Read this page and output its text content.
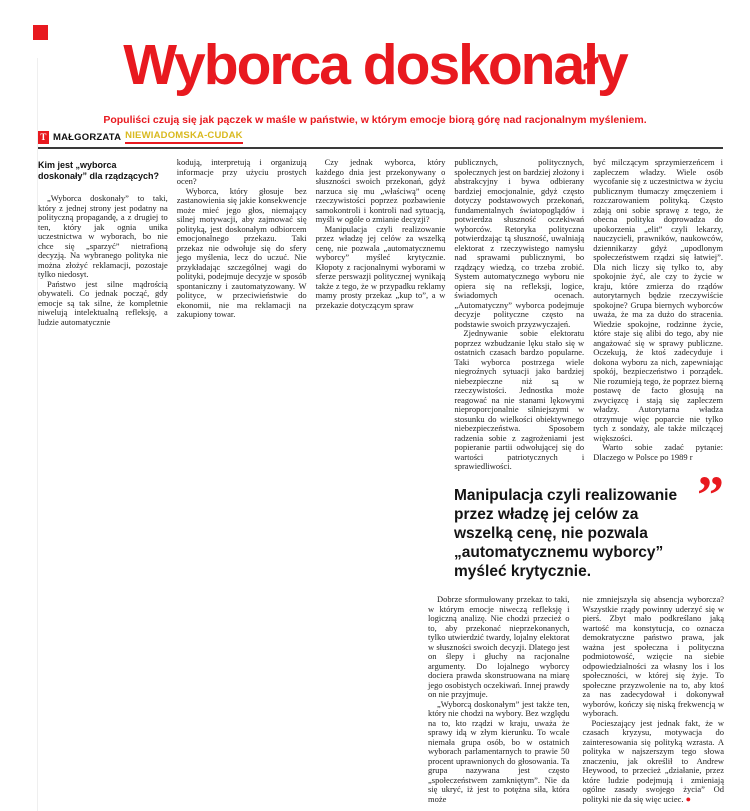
Wyborca doskonały

Populiści czują się jak pączek w maśle w państwie, w którym emocje biorą górę nad racjonalnym myśleniem.

T MAŁGORZATA NIEWIADOMSKA-CUDAK
Kim jest „wyborca doskonały” dla rządzących?

„Wyborca doskonały” to taki, który z jednej strony jest podatny na polityczną propagandę, a z drugiej to ten, który jak ognia unika uczestnictwa w wyborach, bo nie chce się „sparzyć” nietrafioną decyzją. Na wybranego polityka nie można złożyć reklamacji, pozostaje tylko niedosyt.

Państwo jest silne mądrością obywateli. Co jednak począć, gdy emocje są tak silne, że kompletnie niwelują intelektualną refleksję, a ludzie automatycznie

kodują, interpretują i organizują informacje przy użyciu prostych ocen?

Wyborca, który głosuje bez zastanowienia się jakie konsekwencje może mieć jego głos, niemający silnej motywacji, aby zajmować się polityką, jest doskonałym odbiorcem emocjonalnego przekazu. Taki przekaz nie odwołuje się do sfery jego myślenia, lecz do uczuć. Nie przykładając szczególnej wagi do polityki, podejmuje decyzje w sposób spontaniczny i zautomatyzowany. W polityce, w przeciwieństwie do ekonomii, nie ma reklamacji na zakupiony towar.

Czy jednak wyborca, który każdego dnia jest przekonywany o słuszności swoich przekonań, gdyż narzuca się mu „właściwą” ocenę rzeczywistości poprzez pozbawienie samokontroli i kontroli nad sytuacją, myśli w ogóle o zmianie decyzji?

Manipulacja czyli realizowanie przez władzę jej celów za wszelką cenę, nie pozwala „automatycznemu wyborcy” myśleć krytycznie. Kłopoty z racjonalnymi wyborami w sferze perswazji politycznej wynikają także z tego, że w przypadku reklamy mamy prosty przekaz „kup to”, a w przekazie dotyczącym spraw

publicznych, politycznych, społecznych jest on bardziej złożony i abstrakcyjny i bywa odbierany bardziej emocjonalnie, gdyż często dotyczy podstawowych przekonań, fundamentalnych światopoglądów i potwierdza słuszność oczekiwań wyborców. Retoryka polityczna potwierdzając tą słuszność, uwalniają elektorat z rzeczywistego namysłu nad sprawami publicznymi, bo rządzący wiedzą, co trzeba zrobić. System automatycznego wyboru nie opiera się na refleksji, logice, świadomych ocenach. „Automatyczny” wyborca podejmuje decyzje polityczne często na podstawie swoich przyzwyczajeń.

Zjednywanie sobie elektoratu poprzez wzbudzanie lęku stało się w ostatnich czasach bardzo popularne. Taki wyborca postrzega wiele niegroźnych sytuacji jako bardziej niebezpieczne niż są w rzeczywistości. Jednostka może reagować na nie stanami lękowymi nieproporcjonalnie silniejszymi w stosunku do wielkości obiektywnego niebezpieczeństwa. Sposobem radzenia sobie z zagrożeniami jest popieranie partii odwołującej się do wartości patriotycznych i sprawiedliwości.

być milczącym sprzymierzeńcem i zapleczem władzy. Wiele osób wycofanie się z uczestnictwa w życiu publicznym tłumaczy zmęczeniem i rozczarowaniem polityką. Często zdają oni sobie sprawę z tego, że obecna polityka doprowadza do upokorzenia „elit” czyli lekarzy, nauczycieli, prawników, naukowców, dziennikarzy gdyż „upodlonym społeczeństwem rządzi się łatwiej”. Dla nich liczy się tylko to, aby spokojnie żyć, ale czy to życie w kraju, które zmierza do rządów autorytarnych będzie rzeczywiście spokojne? Grupa biernych wyborców uważa, że ma za dużo do stracenia. Wiedzie spokojne, rodzinne życie, które staje się alibi do tego, aby nie angażować się w sprawy publiczne. Oczekują, że ktoś zadecyduje i dokona wyboru za nich, zapewniając spokój, bezpieczeństwo i porządek. Nie rozumieją tego, że poprzez bierną postawę de facto głosują na zwycięzcę i stają się zapleczem władzy. Autorytarna władza otrzymuje więc poparcie nie tylko tych z sondaży, ale także milczącej większości.

Warto sobie zadać pytanie: Dlaczego w Polsce po 1989 r

”
Manipulacja czyli realizowanie przez władzę jej celów za wszelką cenę, nie pozwala „automatycznemu wyborcy” myśleć krytycznie.

Dobrze sformułowany przekaz to taki, w którym emocje niweczą refleksję i logiczną analizę. Nie chodzi przecież o to, aby przekonać nieprzekonanych, tylko utwierdzić twardy, lojalny elektorat w słuszności swoich decyzji. Dlatego jest on ślepy i głuchy na racjonalne argumenty. Do lojalnego wyborcy dociera prawda skonstruowana na miarę jego osobistych oczekiwań. Innej prawdy on nie przyjmuje.

„Wyborcą doskonałym” jest także ten, który nie chodzi na wybory. Bez względu na to, kto rządzi w kraju, uważa że sprawy idą w złym kierunku. To wcale niemała grupa osób, bo w ostatnich wyborach parlamentarnych to prawie 50 procent uprawnionych do głosowania. Ta grupa nazywana jest często „społeczeństwem zamkniętym”. Nie da się ukryć, iż jest to potężna siła, która może

nie zmniejszyła się absencja wyborcza? Wszystkie rządy powinny uderzyć się w pierś. Zbyt mało podkreślano jaką wartość ma konstytucja, co oznacza demokratyczne państwo prawa, jak ważna jest społeczna i polityczna podmiotowość, wzięcie na siebie odpowiedzialności za własny los i los społeczności, w której się żyje. To społeczne przyzwolenie na to, aby ktoś za nas zadecydował i dokonywał wyborów, kończy się niską frekwencją w wyborach.

Pocieszający jest jednak fakt, że w czasach kryzysu, motywacja do zainteresowania się polityką wzrasta. A polityka w najszerszym tego słowa znaczeniu, jak określił to Andrew Heywood, to przecież „działanie, przez które ludzie podejmują i zmieniają ogólne zasady swojego życia” Od polityki nie da się więc uciec. ●
